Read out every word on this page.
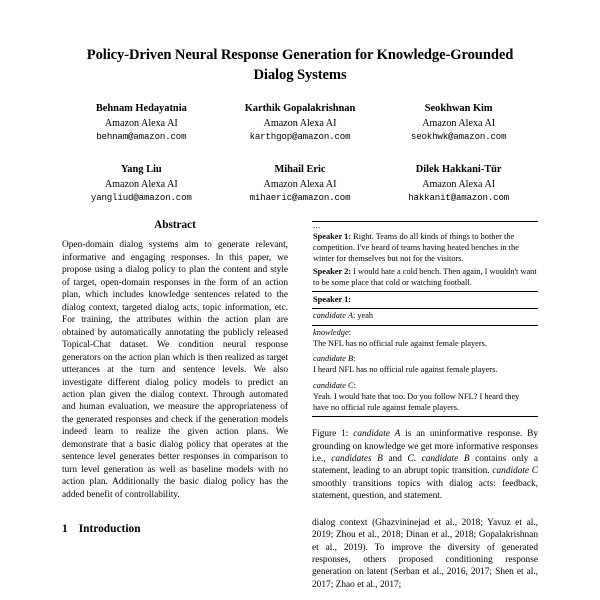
Policy-Driven Neural Response Generation for Knowledge-Grounded Dialog Systems
Behnam Hedayatnia
Amazon Alexa AI
behnam@amazon.com
Karthik Gopalakrishnan
Amazon Alexa AI
karthgop@amazon.com
Seokhwan Kim
Amazon Alexa AI
seokhwk@amazon.com
Yang Liu
Amazon Alexa AI
yangliud@amazon.com
Mihail Eric
Amazon Alexa AI
mihaeric@amazon.com
Dilek Hakkani-Tür
Amazon Alexa AI
hakkanit@amazon.com
Abstract

Open-domain dialog systems aim to generate relevant, informative and engaging responses. In this paper, we propose using a dialog policy to plan the content and style of target, open-domain responses in the form of an action plan, which includes knowledge sentences related to the dialog context, targeted dialog acts, topic information, etc. For training, the attributes within the action plan are obtained by automatically annotating the publicly released Topical-Chat dataset. We condition neural response generators on the action plan which is then realized as target utterances at the turn and sentence levels. We also investigate different dialog policy models to predict an action plan given the dialog context. Through automated and human evaluation, we measure the appropriateness of the generated responses and check if the generation models indeed learn to realize the given action plans. We demonstrate that a basic dialog policy that operates at the sentence level generates better responses in comparison to turn level generation as well as baseline models with no action plan. Additionally the basic dialog policy has the added benefit of controllability.

1 Introduction
...
Speaker 1: Right. Teams do all kinds of things to bother the competition. I've heard of teams having heated benches in the winter for themselves but not for the visitors.
Speaker 2: I would hate a cold bench. Then again, I wouldn't want to be some place that cold or watching football.
Speaker 1:
candidate A: yeah
knowledge:
The NFL has no official rule against female players.
candidate B:
I heard NFL has no official rule against female players.
candidate C:
Yeah. I would hate that too. Do you follow NFL? I heard they have no official rule against female players.
Figure 1: candidate A is an uninformative response. By grounding on knowledge we get more informative responses i.e., candidates B and C. candidate B contains only a statement, leading to an abrupt topic transition. candidate C smoothly transitions topics with dialog acts: feedback, statement, question, and statement.
dialog context (Ghazvininejad et al., 2018; Yavuz et al., 2019; Zhou et al., 2018; Dinan et al., 2018; Gopalakrishnan et al., 2019). To improve the diversity of generated responses, others proposed conditioning response generation on latent (Serban et al., 2016, 2017; Shen et al., 2017; Zhao et al., 2017;
